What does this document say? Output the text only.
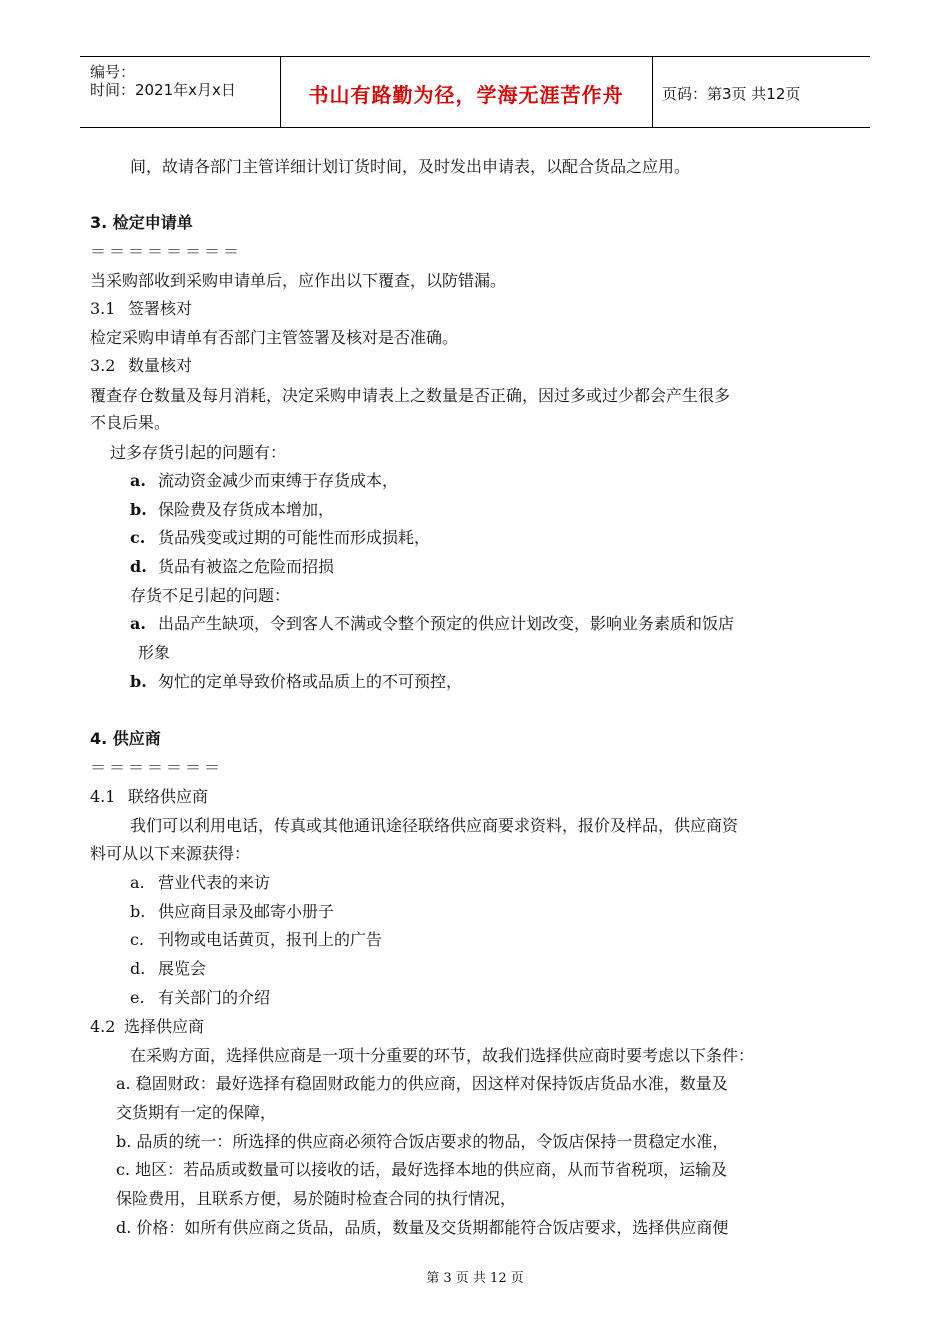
编号：
时间：2021年x月x日	书山有路勤为径，学海无涯苦作舟	页码：第3页 共12页
间，故请各部门主管详细计划订货时间，及时发出申请表，以配合货品之应用。
3. 检定申请单
＝＝＝＝＝＝＝＝
当采购部收到采购申请单后，应作出以下覆查，以防错漏。
3.1 签署核对
检定采购申请单有否部门主管签署及核对是否准确。
3.2 数量核对
覆查存仓数量及每月消耗，决定采购申请表上之数量是否正确，因过多或过少都会产生很多
不良后果。
过多存货引起的问题有：
a. 流动资金减少而束缚于存货成本，
b. 保险费及存货成本增加，
c. 货品残变或过期的可能性而形成损耗，
d. 货品有被盗之危险而招损
存货不足引起的问题：
a. 出品产生缺项，令到客人不满或令整个预定的供应计划改变，影响业务素质和饭店
形象
b. 匆忙的定单导致价格或品质上的不可预控，
4. 供应商
＝＝＝＝＝＝＝
4.1 联络供应商
我们可以利用电话，传真或其他通讯途径联络供应商要求资料，报价及样品，供应商资
料可从以下来源获得：
a. 营业代表的来访
b. 供应商目录及邮寄小册子
c. 刊物或电话黄页，报刊上的广告
d. 展览会
e. 有关部门的介绍
4.2 选择供应商
在采购方面，选择供应商是一项十分重要的环节，故我们选择供应商时要考虑以下条件：
a. 稳固财政：最好选择有稳固财政能力的供应商，因这样对保持饭店货品水准，数量及
交货期有一定的保障，
b. 品质的统一：所选择的供应商必须符合饭店要求的物品，令饭店保持一贯稳定水准，
c. 地区：若品质或数量可以接收的话，最好选择本地的供应商，从而节省税项，运输及
保险费用，且联系方便，易於随时检查合同的执行情况，
d. 价格：如所有供应商之货品，品质，数量及交货期都能符合饭店要求，选择供应商便
第 3 页 共 12 页
